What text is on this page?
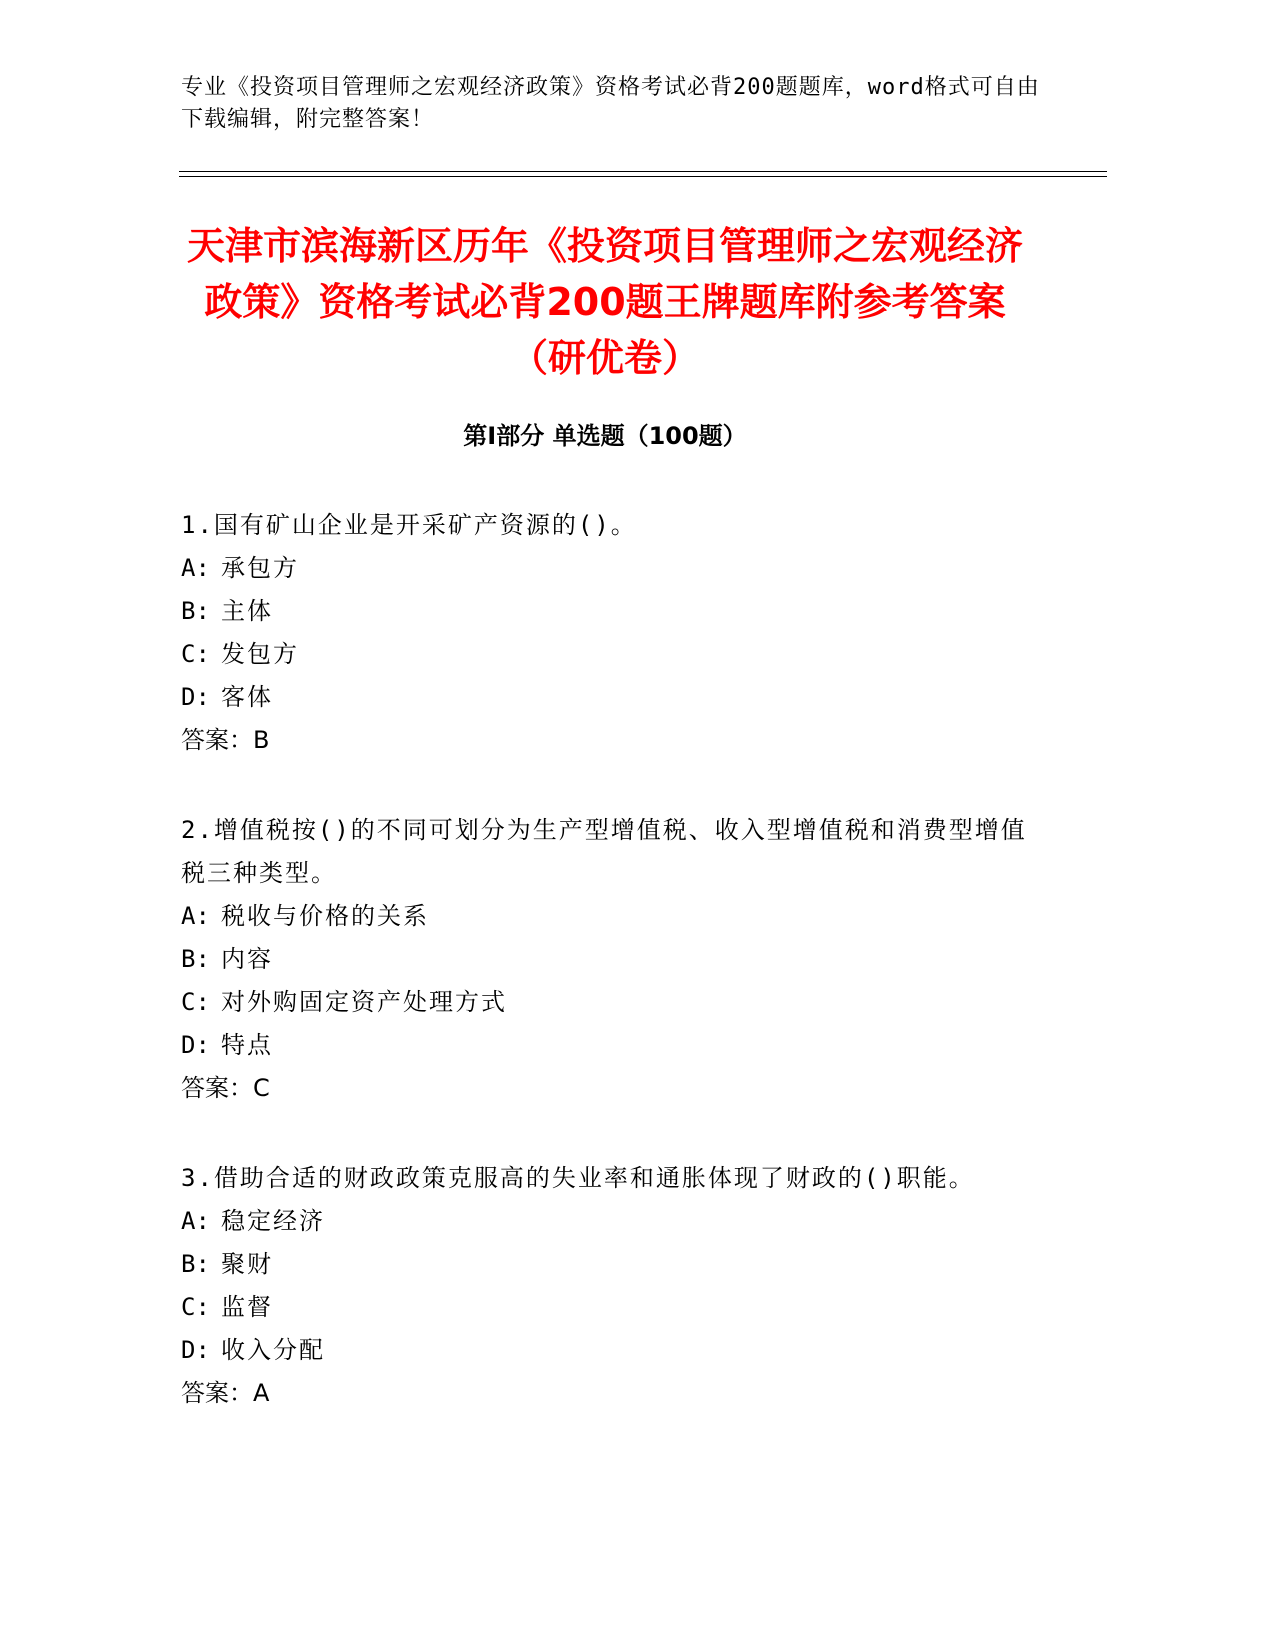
专业《投资项目管理师之宏观经济政策》资格考试必背200题题库，word格式可自由下载编辑，附完整答案！

天津市滨海新区历年《投资项目管理师之宏观经济政策》资格考试必背200题王牌题库附参考答案（研优卷）
第Ⅰ部分 单选题（100题）

1.国有矿山企业是开采矿产资源的()。

A: 承包方

B: 主体

C: 发包方

D: 客体

答案：B

2.增值税按()的不同可划分为生产型增值税、收入型增值税和消费型增值税三种类型。

A: 税收与价格的关系

B: 内容

C: 对外购固定资产处理方式

D: 特点

答案：C

3.借助合适的财政政策克服高的失业率和通胀体现了财政的()职能。

A: 稳定经济

B: 聚财

C: 监督

D: 收入分配

答案：A
